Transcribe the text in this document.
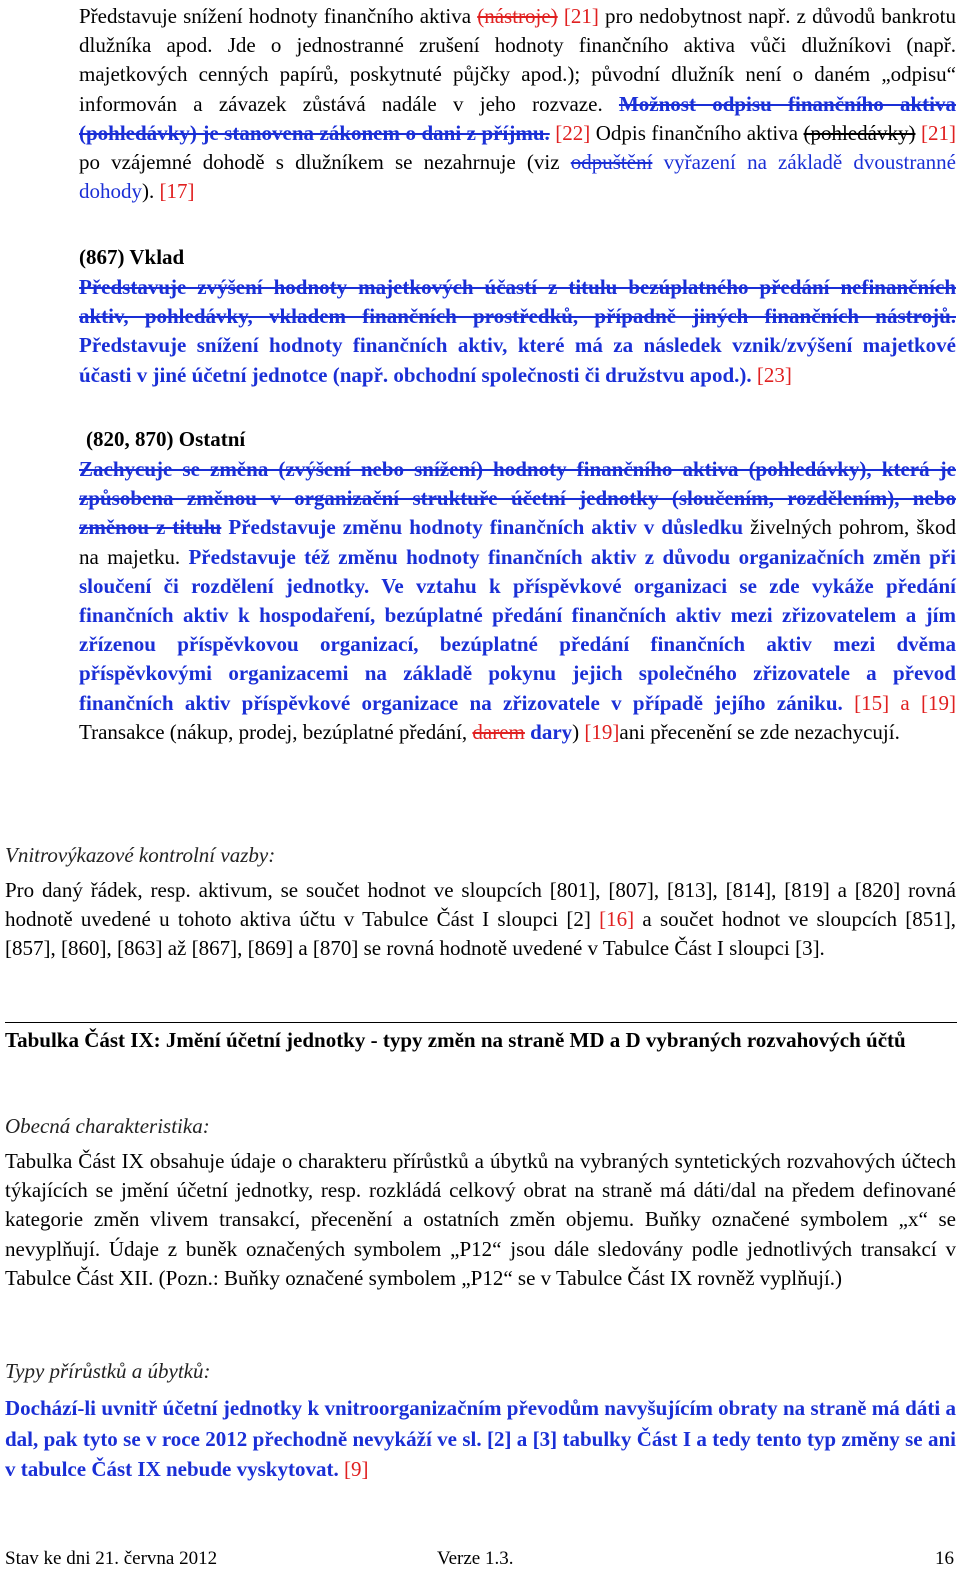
Představuje snížení hodnoty finančního aktiva (nástroje) [21] pro nedobytnost např. z důvodů bankrotu dlužníka apod. Jde o jednostranné zrušení hodnoty finančního aktiva vůči dlužníkovi (např. majetkových cenných papírů, poskytnuté půjčky apod.); původní dlužník není o daném „odpisu“ informován a závazek zůstává nadále v jeho rozvaze. Možnost odpisu finančního aktiva (pohledávky) je stanovena zákonem o dani z příjmu. [22] Odpis finančního aktiva (pohledávky) [21] po vzájemné dohodě s dlužníkem se nezahrnuje (viz odpuštění vyřazení na základě dvoustranné dohody). [17]

(867) Vklad

Představuje zvýšení hodnoty majetkových účastí z titulu bezúplatného předání nefinančních aktiv, pohledávky, vkladem finančních prostředků, případně jiných finančních nástrojů. Představuje snížení hodnoty finančních aktiv, které má za následek vznik/zvýšení majetkové účasti v jiné účetní jednotce (např. obchodní společnosti či družstvu apod.). [23]

(820, 870) Ostatní

Zachycuje se změna (zvýšení nebo snížení) hodnoty finančního aktiva (pohledávky), která je způsobena změnou v organizační struktuře účetní jednotky (sloučením, rozdělením), nebo změnou z titulu Představuje změnu hodnoty finančních aktiv v důsledku živelných pohrom, škod na majetku. Představuje též změnu hodnoty finančních aktiv z důvodu organizačních změn při sloučení či rozdělení jednotky. Ve vztahu k příspěvkové organizaci se zde vykáže předání finančních aktiv k hospodaření, bezúplatné předání finančních aktiv mezi zřizovatelem a jím zřízenou příspěvkovou organizací, bezúplatné předání finančních aktiv mezi dvěma příspěvkovými organizacemi na základě pokynu jejich společného zřizovatele a převod finančních aktiv příspěvkové organizace na zřizovatele v případě jejího zániku. [15] a [19] Transakce (nákup, prodej, bezúplatné předání, darem dary) [19]ani přecenění se zde nezachycují.

Vnitrovýkazové kontrolní vazby:

Pro daný řádek, resp. aktivum, se součet hodnot ve sloupcích [801], [807], [813], [814], [819] a [820] rovná hodnotě uvedené u tohoto aktiva účtu v Tabulce Část I sloupci [2] [16] a součet hodnot ve sloupcích [851], [857], [860], [863] až [867], [869] a [870] se rovná hodnotě uvedené v Tabulce Část I sloupci [3].

Tabulka Část IX: Jmění účetní jednotky - typy změn na straně MD a D vybraných rozvahových účtů

Obecná charakteristika:

Tabulka Část IX obsahuje údaje o charakteru přírůstků a úbytků na vybraných syntetických rozvahových účtech týkajících se jmění účetní jednotky, resp. rozkládá celkový obrat na straně má dáti/dal na předem definované kategorie změn vlivem transakcí, přecenění a ostatních změn objemu. Buňky označené symbolem „x“ se nevyplňují. Údaje z buněk označených symbolem „P12“ jsou dále sledovány podle jednotlivých transakcí v Tabulce Část XII. (Pozn.: Buňky označené symbolem „P12“ se v Tabulce Část IX rovněž vyplňují.)

Typy přírůstků a úbytků:

Dochází-li uvnitř účetní jednotky k vnitroorganizačním převodům navyšujícím obraty na straně má dáti a dal, pak tyto se v roce 2012 přechodně nevykáží ve sl. [2] a [3] tabulky Část I a tedy tento typ změny se ani v tabulce Část IX nebude vyskytovat. [9]

Stav ke dni 21. června 2012	Verze 1.3.	16
